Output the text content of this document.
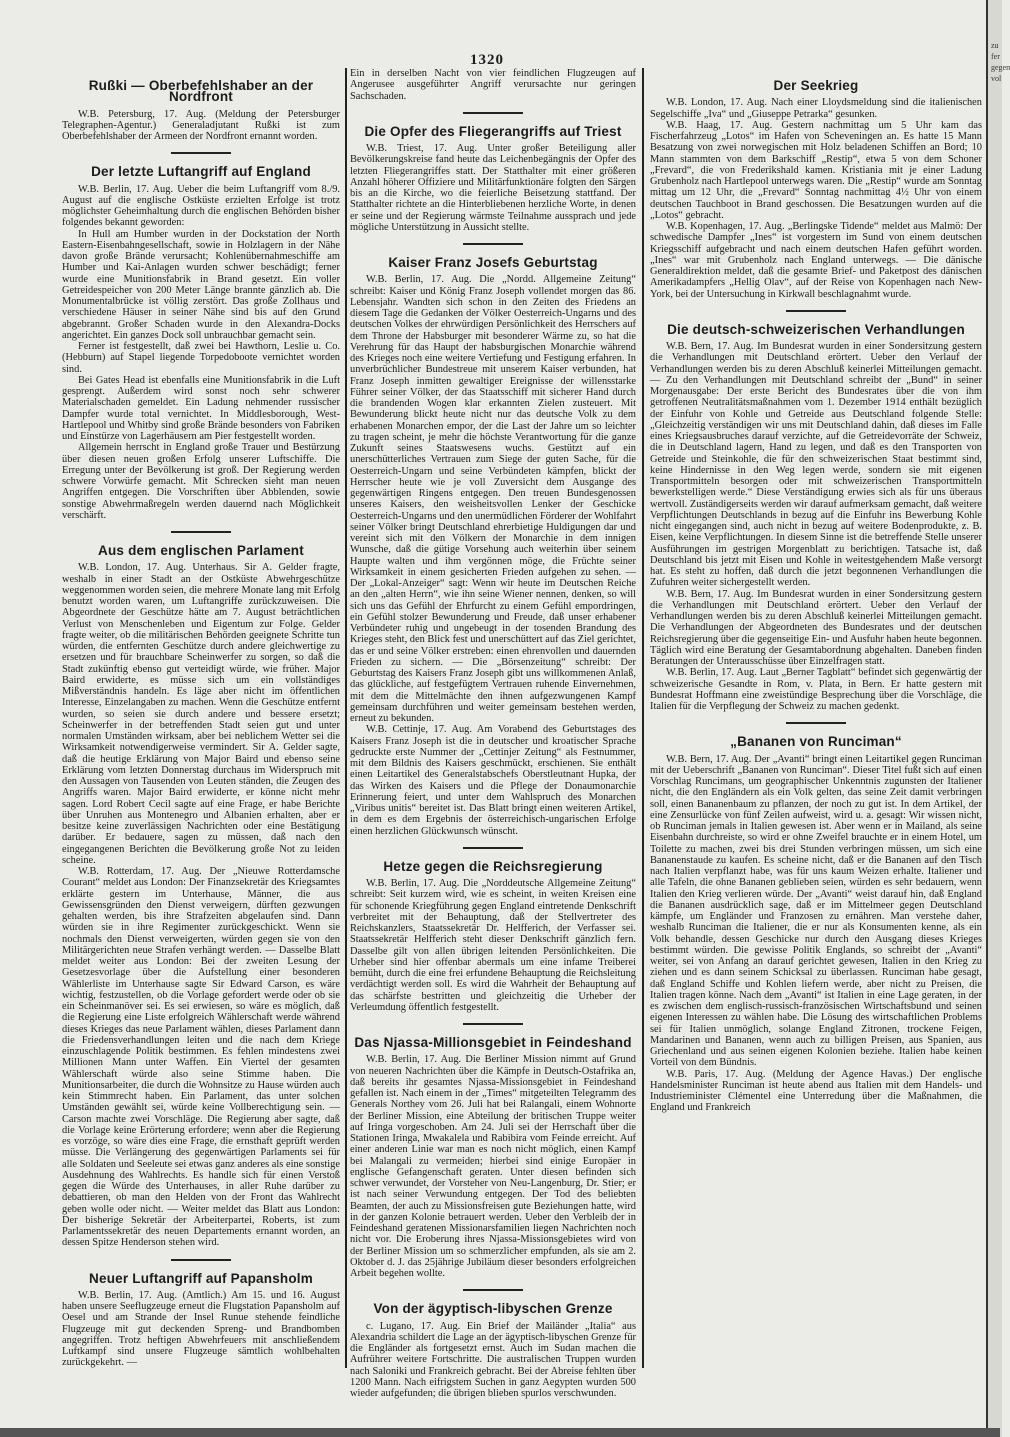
1320
Rußki — Oberbefehlshaber an der Nordfront

W.B. Petersburg, 17. Aug. (Meldung der Petersburger Telegraphen-Agentur.) Generaladjutant Rußki ist zum Oberbefehlshaber der Armeen der Nordfront ernannt worden.

Der letzte Luftangriff auf England

W.B. Berlin, 17. Aug. Ueber die beim Luftangriff vom 8./9. August auf die englische Ostküste erzielten Erfolge ist trotz möglichster Geheimhaltung durch die englischen Behörden bisher folgendes bekannt geworden:

In Hull am Humber wurden in der Dockstation der North Eastern-Eisenbahngesellschaft, sowie in Holzlagern in der Nähe davon große Brände verursacht; Kohlenübernahmeschiffe am Humber und Kai-Anlagen wurden schwer beschädigt; ferner wurde eine Munitionsfabrik in Brand gesetzt. Ein voller Getreidespeicher von 200 Meter Länge brannte gänzlich ab. Die Monumentalbrücke ist völlig zerstört. Das große Zollhaus und verschiedene Häuser in seiner Nähe sind bis auf den Grund abgebrannt. Großer Schaden wurde in den Alexandra-Docks angerichtet. Ein ganzes Dock soll unbrauchbar gemacht sein.

Ferner ist festgestellt, daß zwei bei Hawthorn, Leslie u. Co. (Hebburn) auf Stapel liegende Torpedoboote vernichtet worden sind.

Bei Gates Head ist ebenfalls eine Munitionsfabrik in die Luft gesprengt. Außerdem wird sonst noch sehr schwerer Materialschaden gemeldet. Ein Ladung nehmender russischer Dampfer wurde total vernichtet. In Middlesborough, West-Hartlepool und Whitby sind große Brände besonders von Fabriken und Einstürze von Lagerhäusern am Pier festgestellt worden.

Allgemein herrscht in England große Trauer und Bestürzung über diesen neuen großen Erfolg unserer Luftschiffe. Die Erregung unter der Bevölkerung ist groß. Der Regierung werden schwere Vorwürfe gemacht. Mit Schrecken sieht man neuen Angriffen entgegen. Die Vorschriften über Abblenden, sowie sonstige Abwehrmaßregeln werden dauernd nach Möglichkeit verschärft.

Aus dem englischen Parlament

W.B. London, 17. Aug. Unterhaus. Sir A. Gelder fragte, weshalb in einer Stadt an der Ostküste Abwehrgeschütze weggenommen worden seien, die mehrere Monate lang mit Erfolg benutzt worden waren, um Luftangriffe zurückzuweisen. Die Abgeordnete der Geschütze hätte am 7. August beträchtlichen Verlust von Menschenleben und Eigentum zur Folge. Gelder fragte weiter, ob die militärischen Behörden geeignete Schritte tun würden, die entfernten Geschütze durch andere gleichwertige zu ersetzen und für brauchbare Scheinwerfer zu sorgen, so daß die Stadt zukünftig ebenso gut verteidigt würde, wie früher. Major Baird erwiderte, es müsse sich um ein vollständiges Mißverständnis handeln. Es läge aber nicht im öffentlichen Interesse, Einzelangaben zu machen. Wenn die Geschütze entfernt wurden, so seien sie durch andere und bessere ersetzt; Scheinwerfer in der betreffenden Stadt seien gut und unter normalen Umständen wirksam, aber bei neblichem Wetter sei die Wirksamkeit notwendigerweise vermindert. Sir A. Gelder sagte, daß die heutige Erklärung von Major Baird und ebenso seine Erklärung vom letzten Donnerstag durchaus im Widerspruch mit den Aussagen von Tausenden von Leuten ständen, die Zeugen des Angriffs waren. Major Baird erwiderte, er könne nicht mehr sagen. Lord Robert Cecil sagte auf eine Frage, er habe Berichte über Unruhen aus Montenegro und Albanien erhalten, aber er besitze keine zuverlässigen Nachrichten oder eine Bestätigung darüber. Er bedauere, sagen zu müssen, daß nach den eingegangenen Berichten die Bevölkerung große Not zu leiden scheine.

W.B. Rotterdam, 17. Aug. Der „Nieuwe Rotterdamsche Courant“ meldet aus London: Der Finanzsekretär des Kriegsamtes erklärte gestern im Unterhause, Männer, die aus Gewissensgründen den Dienst verweigern, dürften gezwungen gehalten werden, bis ihre Strafzeiten abgelaufen sind. Dann würden sie in ihre Regimenter zurückgeschickt. Wenn sie nochmals den Dienst verweigerten, würden gegen sie von den Militärgerichten neue Strafen verhängt werden. — Dasselbe Blatt meldet weiter aus London: Bei der zweiten Lesung der Gesetzesvorlage über die Aufstellung einer besonderen Wählerliste im Unterhause sagte Sir Edward Carson, es wäre wichtig, festzustellen, ob die Vorlage gefordert werde oder ob sie ein Scheinmanöver sei. Es sei erwiesen, so wäre es möglich, daß die Regierung eine Liste erfolgreich Wählerschaft werde während dieses Krieges das neue Parlament wählen, dieses Parlament dann die Friedensverhandlungen leiten und die nach dem Kriege einzuschlagende Politik bestimmen. Es fehlen mindestens zwei Millionen Mann unter Waffen. Ein Viertel der gesamten Wählerschaft würde also seine Stimme haben. Die Munitionsarbeiter, die durch die Wohnsitze zu Hause würden auch kein Stimmrecht haben. Ein Parlament, das unter solchen Umständen gewählt sei, würde keine Vollberechtigung sein. — Carson machte zwei Vorschläge. Die Regierung aber sagte, daß die Vorlage keine Erörterung erfordere; wenn aber die Regierung es vorzöge, so wäre dies eine Frage, die ernsthaft geprüft werden müsse. Die Verlängerung des gegenwärtigen Parlaments sei für alle Soldaten und Seeleute sei etwas ganz anderes als eine sonstige Ausdehnung des Wahlrechts. Es handle sich für einen Verstoß gegen die Würde des Unterhauses, in aller Ruhe darüber zu debattieren, ob man den Helden von der Front das Wahlrecht geben wolle oder nicht. — Weiter meldet das Blatt aus London: Der bisherige Sekretär der Arbeiterpartei, Roberts, ist zum Parlamentssekretär des neuen Departements ernannt worden, an dessen Spitze Henderson stehen wird.

Neuer Luftangriff auf Papansholm

W.B. Berlin, 17. Aug. (Amtlich.) Am 15. und 16. August haben unsere Seeflugzeuge erneut die Flugstation Papansholm auf Oesel und am Strande der Insel Runue stehende feindliche Flugzeuge mit gut deckenden Spreng- und Brandbomben angegriffen. Trotz heftigen Abwehrfeuers mit anschließendem Luftkampf sind unsere Flugzeuge sämtlich wohlbehalten zurückgekehrt. —

Ein in derselben Nacht von vier feindlichen Flugzeugen auf Angerusee ausgeführter Angriff verursachte nur geringen Sachschaden.

Die Opfer des Fliegerangriffs auf Triest

W.B. Triest, 17. Aug. Unter großer Beteiligung aller Bevölkerungskreise fand heute das Leichenbegängnis der Opfer des letzten Fliegerangriffes statt. Der Statthalter mit einer größeren Anzahl höherer Offiziere und Militärfunktionäre folgten den Särgen bis an die Kirche, wo die feierliche Beisetzung stattfand. Der Statthalter richtete an die Hinterbliebenen herzliche Worte, in denen er seine und der Regierung wärmste Teilnahme aussprach und jede mögliche Unterstützung in Aussicht stellte.

Kaiser Franz Josefs Geburtstag

W.B. Berlin, 17. Aug. Die „Nordd. Allgemeine Zeitung“ schreibt: Kaiser und König Franz Joseph vollendet morgen das 86. Lebensjahr. Wandten sich schon in den Zeiten des Friedens an diesem Tage die Gedanken der Völker Oesterreich-Ungarns und des deutschen Volkes der ehrwürdigen Persönlichkeit des Herrschers auf dem Throne der Habsburger mit besonderer Wärme zu, so hat die Verehrung für das Haupt der habsburgischen Monarchie während des Krieges noch eine weitere Vertiefung und Festigung erfahren. In unverbrüchlicher Bundestreue mit unserem Kaiser verbunden, hat Franz Joseph inmitten gewaltiger Ereignisse der willensstarke Führer seiner Völker, der das Staatsschiff mit sicherer Hand durch die brandenden Wogen klar erkannten Zielen zusteuert. Mit Bewunderung blickt heute nicht nur das deutsche Volk zu dem erhabenen Monarchen empor, der die Last der Jahre um so leichter zu tragen scheint, je mehr die höchste Verantwortung für die ganze Zukunft seines Staatswesens wuchs. Gestützt auf ein unerschütterliches Vertrauen zum Siege der guten Sache, für die Oesterreich-Ungarn und seine Verbündeten kämpfen, blickt der Herrscher heute wie je voll Zuversicht dem Ausgange des gegenwärtigen Ringens entgegen. Den treuen Bundesgenossen unseres Kaisers, den weisheitsvollen Lenker der Geschicke Oesterreich-Ungarns und den unermüdlichen Förderer der Wohlfahrt seiner Völker bringt Deutschland ehrerbietige Huldigungen dar und vereint sich mit den Völkern der Monarchie in dem innigen Wunsche, daß die gütige Vorsehung auch weiterhin über seinem Haupte walten und ihm vergönnen möge, die Früchte seiner Wirksamkeit in einem gesicherten Frieden aufgehen zu sehen. — Der „Lokal-Anzeiger“ sagt: Wenn wir heute im Deutschen Reiche an den „alten Herrn“, wie ihn seine Wiener nennen, denken, so will sich uns das Gefühl der Ehrfurcht zu einem Gefühl empordringen, ein Gefühl stolzer Bewunderung und Freude, daß unser erhabener Verbündeter ruhig und ungebeugt in der tosenden Brandung des Krieges steht, den Blick fest und unerschüttert auf das Ziel gerichtet, das er und seine Völker erstreben: einen ehrenvollen und dauernden Frieden zu sichern. — Die „Börsenzeitung“ schreibt: Der Geburtstag des Kaisers Franz Joseph gibt uns willkommenen Anlaß, das glückliche, auf festgefügtem Vertrauen ruhende Einvernehmen, mit dem die Mittelmächte den ihnen aufgezwungenen Kampf gemeinsam durchführen und weiter gemeinsam bestehen werden, erneut zu bekunden.

W.B. Cettinje, 17. Aug. Am Vorabend des Geburtstages des Kaisers Franz Joseph ist die in deutscher und kroatischer Sprache gedruckte erste Nummer der „Cettinjer Zeitung“ als Festnummer, mit dem Bildnis des Kaisers geschmückt, erschienen. Sie enthält einen Leitartikel des Generalstabschefs Oberstleutnant Hupka, der das Wirken des Kaisers und die Pflege der Donaumonarchie Erinnerung feiert, und unter dem Wahlspruch des Monarchen „Viribus unitis“ bereitet ist. Das Blatt bringt einen weiteren Artikel, in dem es dem Ergebnis der österreichisch-ungarischen Erfolge einen herzlichen Glückwunsch wünscht.

Hetze gegen die Reichsregierung

W.B. Berlin, 17. Aug. Die „Norddeutsche Allgemeine Zeitung“ schreibt: Seit kurzem wird, wie es scheint, in weiten Kreisen eine für schonende Kriegführung gegen England eintretende Denkschrift verbreitet mit der Behauptung, daß der Stellvertreter des Reichskanzlers, Staatssekretär Dr. Helfferich, der Verfasser sei. Staatssekretär Helfferich steht dieser Denkschrift gänzlich fern. Dasselbe gilt von allen übrigen leitenden Persönlichkeiten. Die Urheber sind hier offenbar abermals um eine infame Treiberei bemüht, durch die eine frei erfundene Behauptung die Reichsleitung verdächtigt werden soll. Es wird die Wahrheit der Behauptung auf das schärfste bestritten und gleichzeitig die Urheber der Verleumdung öffentlich festgestellt.

Das Njassa-Millionsgebiet in Feindeshand

W.B. Berlin, 17. Aug. Die Berliner Mission nimmt auf Grund von neueren Nachrichten über die Kämpfe in Deutsch-Ostafrika an, daß bereits ihr gesamtes Njassa-Missionsgebiet in Feindeshand gefallen ist. Nach einem in der „Times“ mitgeteilten Telegramm des Generals Northey vom 26. Juli hat bei Ralangali, einem Wohnorte der Berliner Mission, eine Abteilung der britischen Truppe weiter auf Iringa vorgeschoben. Am 24. Juli sei der Herrschaft über die Stationen Iringa, Mwakalela und Rabibira vom Feinde erreicht. Auf einer anderen Linie war man es noch nicht möglich, einen Kampf bei Malangali zu vermeiden; hierbei sind einige Europäer in englische Gefangenschaft geraten. Unter diesen befinden sich schwer verwundet, der Vorsteher von Neu-Langenburg, Dr. Stier; er ist nach seiner Verwundung entgegen. Der Tod des beliebten Beamten, der auch zu Missionsfreisen gute Beziehungen hatte, wird in der ganzen Kolonie betrauert werden. Ueber den Verbleib der in Feindeshand geratenen Missionarsfamilien liegen Nachrichten noch nicht vor. Die Eroberung ihres Njassa-Missionsgebietes wird von der Berliner Mission um so schmerzlicher empfunden, als sie am 2. Oktober d. J. das 25jährige Jubiläum dieser besonders erfolgreichen Arbeit begehen wollte.

Von der ägyptisch-libyschen Grenze

c. Lugano, 17. Aug. Ein Brief der Mailänder „Italia“ aus Alexandria schildert die Lage an der ägyptisch-libyschen Grenze für die Engländer als fortgesetzt ernst. Auch im Sudan machen die Aufrührer weitere Fortschritte. Die australischen Truppen wurden nach Saloniki und Frankreich gebracht. Bei der Abreise fehlten über 1200 Mann. Nach eifrigstem Suchen in ganz Aegypten wurden 500 wieder aufgefunden; die übrigen blieben spurlos verschwunden.

Der Seekrieg

W.B. London, 17. Aug. Nach einer Lloydsmeldung sind die italienischen Segelschiffe „Iva“ und „Giuseppe Petrarka“ gesunken.

W.B. Haag, 17. Aug. Gestern nachmittag um 5 Uhr kam das Fischerfahrzeug „Lotos“ im Hafen von Scheveningen an. Es hatte 15 Mann Besatzung von zwei norwegischen mit Holz beladenen Schiffen an Bord; 10 Mann stammten von dem Barkschiff „Restip“, etwa 5 von dem Schoner „Frevard“, die von Frederikshald kamen. Kristiania mit je einer Ladung Grubenholz nach Hartlepool unterwegs waren. Die „Restip“ wurde am Sonntag mittag um 12 Uhr, die „Frevard“ Sonntag nachmittag 4½ Uhr von einem deutschen Tauchboot in Brand geschossen. Die Besatzungen wurden auf die „Lotos“ gebracht.

W.B. Kopenhagen, 17. Aug. „Berlingske Tidende“ meldet aus Malmö: Der schwedische Dampfer „Ines“ ist vorgestern im Sund von einem deutschen Kriegsschiff aufgebracht und nach einem deutschen Hafen geführt worden. „Ines“ war mit Grubenholz nach England unterwegs. — Die dänische Generaldirektion meldet, daß die gesamte Brief- und Paketpost des dänischen Amerikadampfers „Hellig Olav“, auf der Reise von Kopenhagen nach New-York, bei der Untersuchung in Kirkwall beschlagnahmt wurde.

Die deutsch-schweizerischen Verhandlungen

W.B. Bern, 17. Aug. Im Bundesrat wurden in einer Sondersitzung gestern die Verhandlungen mit Deutschland erörtert. Ueber den Verlauf der Verhandlungen werden bis zu deren Abschluß keinerlei Mitteilungen gemacht. — Zu den Verhandlungen mit Deutschland schreibt der „Bund“ in seiner Morgenausgabe: Der erste Bericht des Bundesrates über die von ihm getroffenen Neutralitätsmaßnahmen vom 1. Dezember 1914 enthält bezüglich der Einfuhr von Kohle und Getreide aus Deutschland folgende Stelle: „Gleichzeitig verständigen wir uns mit Deutschland dahin, daß dieses im Falle eines Kriegsausbruches darauf verzichte, auf die Getreidevorräte der Schweiz, die in Deutschland lagern, Hand zu legen, und daß es den Transporten von Getreide und Steinkohle, die für den schweizerischen Staat bestimmt sind, keine Hindernisse in den Weg legen werde, sondern sie mit eigenen Transportmitteln besorgen oder mit schweizerischen Transportmitteln bewerkstelligen werde.“ Diese Verständigung erwies sich als für uns überaus wertvoll. Zuständigerseits werden wir darauf aufmerksam gemacht, daß weitere Verpflichtungen Deutschlands in bezug auf die Einfuhr ins Bewerbung Kohle nicht eingegangen sind, auch nicht in bezug auf weitere Bodenprodukte, z. B. Eisen, keine Verpflichtungen. In diesem Sinne ist die betreffende Stelle unserer Ausführungen im gestrigen Morgenblatt zu berichtigen. Tatsache ist, daß Deutschland bis jetzt mit Eisen und Kohle in weitestgehendem Maße versorgt hat. Es steht zu hoffen, daß durch die jetzt begonnenen Verhandlungen die Zufuhren weiter sichergestellt werden.

W.B. Bern, 17. Aug. Im Bundesrat wurden in einer Sondersitzung gestern die Verhandlungen mit Deutschland erörtert. Ueber den Verlauf der Verhandlungen werden bis zu deren Abschluß keinerlei Mitteilungen gemacht. Die Verhandlungen der Abgeordneten des Bundesrates und der deutschen Reichsregierung über die gegenseitige Ein- und Ausfuhr haben heute begonnen. Täglich wird eine Beratung der Gesamtabordnung abgehalten. Daneben finden Beratungen der Unterausschüsse über Einzelfragen statt.

W.B. Berlin, 17. Aug. Laut „Berner Tagblatt“ befindet sich gegenwärtig der schweizerische Gesandte in Rom, v. Plata, in Bern. Er hatte gestern mit Bundesrat Hoffmann eine zweistündige Besprechung über die Vorschläge, die Italien für die Verpflegung der Schweiz zu machen gedenkt.

„Bananen von Runciman“

W.B. Bern, 17. Aug. Der „Avanti“ bringt einen Leitartikel gegen Runciman mit der Ueberschrift „Bananen von Runciman“. Dieser Titel fußt sich auf einen Vorschlag Runcimans, um geographischer Unkenntnis zugunsten der Italiener nicht, die den Engländern als ein Volk gelten, das seine Zeit damit verbringen soll, einen Bananenbaum zu pflanzen, der noch zu gut ist. In dem Artikel, der eine Zensurlücke von fünf Zeilen aufweist, wird u. a. gesagt: Wir wissen nicht, ob Runciman jemals in Italien gewesen ist. Aber wenn er in Mailand, als seine Eisenbahn durchreiste, so wird er ohne Zweifel brauchte er in einem Hotel, um Toilette zu machen, zwei bis drei Stunden verbringen müssen, um sich eine Bananenstaude zu kaufen. Es scheine nicht, daß er die Bananen auf den Tisch nach Italien verpflanzt habe, was für uns kaum Weizen erhalte. Italiener und alle Tafeln, die ohne Bananen geblieben seien, würden es sehr bedauern, wenn Italien den Krieg verlieren würde. Der „Avanti“ weist darauf hin, daß England die Bananen ausdrücklich sage, daß er im Mittelmeer gegen Deutschland kämpfe, um Engländer und Franzosen zu ernähren. Man verstehe daher, weshalb Runciman die Italiener, die er nur als Konsumenten kenne, als ein Volk behandle, dessen Geschicke nur durch den Ausgang dieses Krieges bestimmt würden. Die gewisse Politik Englands, so schreibt der „Avanti“ weiter, sei von Anfang an darauf gerichtet gewesen, Italien in den Krieg zu ziehen und es dann seinem Schicksal zu überlassen. Runciman habe gesagt, daß England Schiffe und Kohlen liefern werde, aber nicht zu Preisen, die Italien tragen könne. Nach dem „Avanti“ ist Italien in eine Lage geraten, in der es zwischen dem englisch-russisch-französischen Wirtschaftsbund und seinen eigenen Interessen zu wählen habe. Die Lösung des wirtschaftlichen Problems sei für Italien unmöglich, solange England Zitronen, trockene Feigen, Mandarinen und Bananen, wenn auch zu billigen Preisen, aus Spanien, aus Griechenland und aus seinen eigenen Kolonien beziehe. Italien habe keinen Vorteil von dem Bündnis.

W.B. Paris, 17. Aug. (Meldung der Agence Havas.) Der englische Handelsminister Runciman ist heute abend aus Italien mit dem Handels- und Industrieminister Clémentel eine Unterredung über die Maßnahmen, die England und Frankreich

zu fer gegen vol
